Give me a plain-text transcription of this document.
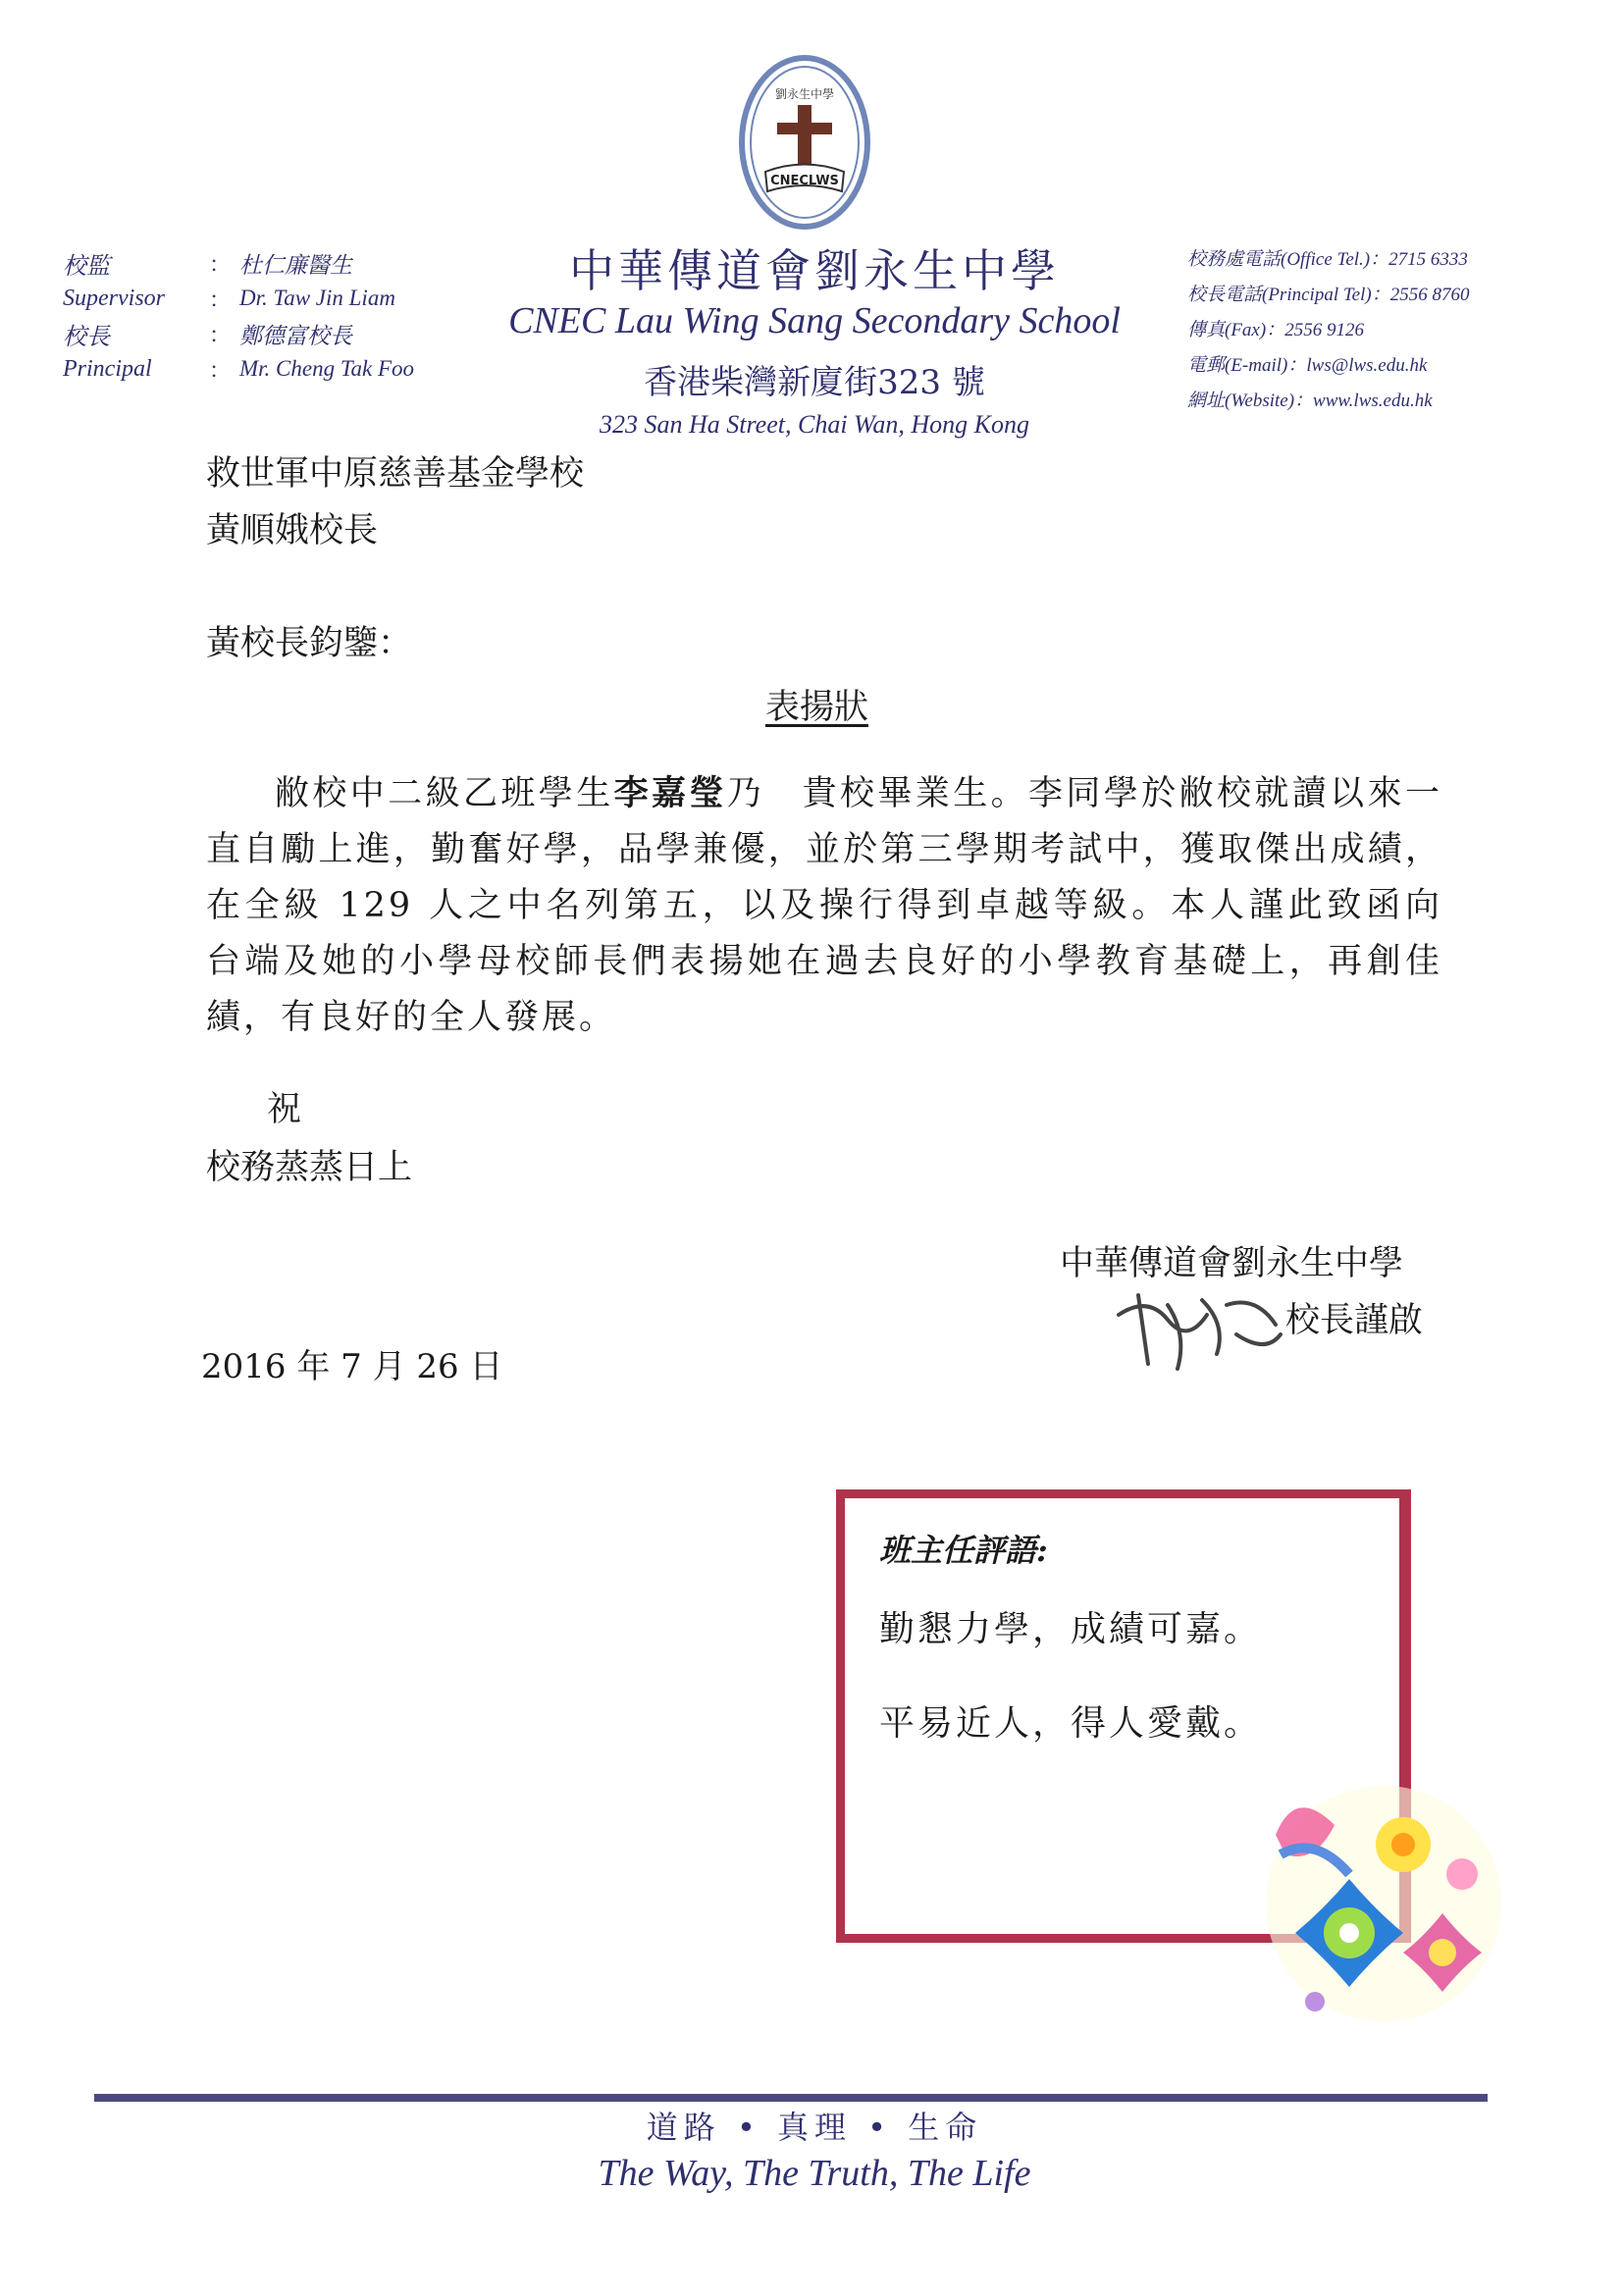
劉永生中學
CNECLWS
中華傳道會劉永生中學
CNEC Lau Wing Sang Secondary School
香港柴灣新廈街323 號
323 San Ha Street, Chai Wan, Hong Kong
校監	： 杜仁廉醫生
Supervisor	： Dr. Taw Jin Liam
校長	： 鄭德富校長
Principal	： Mr. Cheng Tak Foo
校務處電話(Office Tel.)：2715 6333
校長電話(Principal Tel)：2556 8760
傳真(Fax)：2556 9126
電郵(E-mail)：lws@lws.edu.hk
網址(Website)：www.lws.edu.hk
救世軍中原慈善基金學校
黃順娥校長
黃校長鈞鑒：
表揚狀
敝校中二級乙班學生李嘉瑩乃　貴校畢業生。李同學於敝校就讀以來一直自勵上進，勤奮好學，品學兼優，並於第三學期考試中，獲取傑出成績，在全級 129 人之中名列第五，以及操行得到卓越等級。本人謹此致函向　台端及她的小學母校師長們表揚她在過去良好的小學教育基礎上，再創佳績，有良好的全人發展。
祝
校務蒸蒸日上
中華傳道會劉永生中學
校長謹啟
2016 年 7 月 26 日
班主任評語:
勤懇力學，成績可嘉。
平易近人，得人愛戴。
道路 • 真理 • 生命
The Way, The Truth, The Life
